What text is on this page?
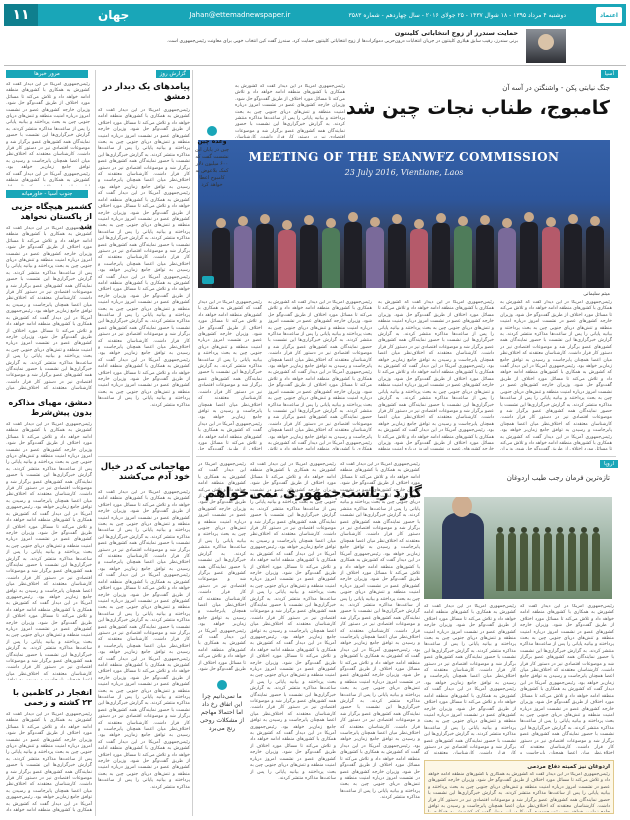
١١	جهان	Jahan@ettemadnewspaper.ir	دوشنبه ۴ مرداد ۱۳۹۵ - ۱۸ شوال ۱۴۳۷ - ۲۵ جولای ۲۰۱۶ - سال چهاردهم - شماره ۳۵۸۳	اعتماد
حمایت سندرز از زوج انتخاباتی کلینتون
برنی سندرز، رقیب سابق هیلاری کلینتون در جریان انتخابات درون‌حزبی دموکرات‌ها از زوج انتخاباتی کلینتون حمایت کرد. سندرز گفت کین انتخاب خوبی برای معاونت رئیس‌جمهوری است.
آسیا
جنگ نیابتی پکن - واشنگتن در آسه آن
کامبوج، طناب نجات چین شد
MEETING OF THE SEANWFZ COMMISSION
23 July 2016, Vientiane, Laos
میثم سلیمانی
رئیس‌جمهوری آمریکا در این دیدار گفت که کشورش به همکاری با کشورهای منطقه ادامه خواهد داد و تلاش می‌کند تا مسائل مورد اختلاف از طریق گفت‌وگو حل شود. وزیران خارجه کشورهای عضو در نشست امروز درباره امنیت منطقه و تنش‌های دریای جنوبی چین به بحث پرداختند و بیانیه پایانی را پس از ساعت‌ها مذاکره منتشر کردند. به گزارش خبرگزاری‌ها این نشست با حضور نمایندگان همه کشورهای عضو برگزار شد و موضوعات اقتصادی نیز در دستور کار قرار داشت. کارشناسان معتقدند که اختلاف‌نظر میان اعضا همچنان پابرجاست و رسیدن به توافق جامع زمان‌بر خواهد بود. رئیس‌جمهوری آمریکا در این دیدار گفت که کشورش به همکاری با کشورهای منطقه ادامه خواهد داد و تلاش می‌کند تا مسائل مورد اختلاف از طریق گفت‌وگو حل شود. وزیران خارجه کشورهای عضو در نشست امروز درباره امنیت منطقه و تنش‌های دریای جنوبی چین به بحث پرداختند و بیانیه پایانی را پس از ساعت‌ها مذاکره منتشر کردند. به گزارش خبرگزاری‌ها این نشست با حضور نمایندگان همه کشورهای عضو برگزار شد و موضوعات اقتصادی نیز در دستور کار قرار داشت. کارشناسان معتقدند که اختلاف‌نظر میان اعضا همچنان پابرجاست و رسیدن به توافق جامع زمان‌بر خواهد بود. رئیس‌جمهوری آمریکا در این دیدار گفت که کشورش به همکاری با کشورهای منطقه ادامه خواهد داد و تلاش می‌کند تا مسائل مورد اختلاف از طریق گفت‌وگو حل شود. وزیران خارجه کشورهای عضو در نشست امروز درباره امنیت منطقه و تنش‌های دریای جنوبی چین به بحث پرداختند و بیانیه پایانی را پس از ساعت‌ها مذاکره منتشر کردند. به گزارش خبرگزاری‌ها این نشست با حضور نمایندگان همه کشورهای عضو برگزار شد و موضوعات اقتصادی نیز در دستور کار قرار داشت. کارشناسان معتقدند که اختلاف‌نظر میان اعضا همچنان پابرجاست و رسیدن به توافق جامع زمان‌بر خواهد بود. رئیس‌جمهوری آمریکا در این دیدار گفت که کشورش به همکاری با کشورهای منطقه ادامه خواهد داد و تلاش می‌کند تا مسائل مورد اختلاف از طریق گفت‌وگو حل شود. وزیران خارجه کشورهای عضو در نشست امروز درباره امنیت منطقه و تنش‌های دریای جنوبی چین به بحث پرداختند و بیانیه پایانی را پس از ساعت‌ها مذاکره منتشر کردند.
رئیس‌جمهوری آمریکا در این دیدار گفت که کشورش به همکاری با کشورهای منطقه ادامه خواهد داد و تلاش می‌کند تا مسائل مورد اختلاف از طریق گفت‌وگو حل شود. وزیران خارجه کشورهای عضو در نشست امروز درباره امنیت منطقه و تنش‌های دریای جنوبی چین به بحث پرداختند و بیانیه پایانی را پس از ساعت‌ها مذاکره منتشر کردند. به گزارش خبرگزاری‌ها این نشست با حضور نمایندگان همه کشورهای عضو برگزار شد و موضوعات اقتصادی نیز در دستور کار قرار داشت. کارشناسان معتقدند که اختلاف‌نظر میان اعضا همچنان پابرجاست و رسیدن به توافق جامع زمان‌بر خواهد بود. رئیس‌جمهوری آمریکا در این دیدار گفت که کشورش به همکاری با کشورهای منطقه ادامه خواهد داد و تلاش می‌کند تا مسائل مورد اختلاف از طریق گفت‌وگو حل شود. وزیران خارجه کشورهای عضو در نشست امروز درباره امنیت منطقه و تنش‌های دریای جنوبی چین به بحث پرداختند و بیانیه پایانی را پس از ساعت‌ها مذاکره منتشر کردند. به گزارش خبرگزاری‌ها این نشست با حضور نمایندگان همه کشورهای عضو برگزار شد و موضوعات اقتصادی نیز در دستور کار قرار داشت. کارشناسان معتقدند که اختلاف‌نظر میان اعضا همچنان پابرجاست و رسیدن به توافق جامع زمان‌بر خواهد بود. رئیس‌جمهوری آمریکا در این دیدار گفت که کشورش به همکاری با کشورهای منطقه ادامه خواهد داد و تلاش می‌کند تا مسائل مورد اختلاف از طریق گفت‌وگو حل شود. وزیران خارجه کشورهای عضو در نشست امروز درباره امنیت منطقه و تنش‌های دریای جنوبی چین به بحث پرداختند و بیانیه پایانی را پس از ساعت‌ها مذاکره منتشر کردند. به گزارش خبرگزاری‌ها این نشست با حضور نمایندگان همه کشورهای عضو برگزار شد و موضوعات اقتصادی نیز در دستور کار قرار داشت. کارشناسان معتقدند که اختلاف‌نظر میان اعضا همچنان پابرجاست و رسیدن به توافق جامع زمان‌بر خواهد بود. رئیس‌جمهوری آمریکا در این دیدار گفت که کشورش به همکاری با کشورهای منطقه ادامه خواهد داد و تلاش می‌کند تا مسائل مورد اختلاف از طریق گفت‌وگو حل شود. وزیران خارجه کشورهای عضو در نشست امروز درباره امنیت منطقه و تنش‌های دریای جنوبی چین به بحث پرداختند و بیانیه پایانی را پس از ساعت‌ها مذاکره منتشر کردند.
رئیس‌جمهوری آمریکا در این دیدار گفت که کشورش به همکاری با کشورهای منطقه ادامه خواهد داد و تلاش می‌کند تا مسائل مورد اختلاف از طریق گفت‌وگو حل شود. وزیران خارجه کشورهای عضو در نشست امروز درباره امنیت منطقه و تنش‌های دریای جنوبی چین به بحث پرداختند و بیانیه پایانی را پس از ساعت‌ها مذاکره منتشر کردند. به گزارش خبرگزاری‌ها این نشست با حضور نمایندگان همه کشورهای عضو برگزار شد و موضوعات اقتصادی نیز در دستور کار قرار داشت. کارشناسان معتقدند که اختلاف‌نظر میان اعضا همچنان پابرجاست و رسیدن به توافق جامع زمان‌بر خواهد بود. رئیس‌جمهوری آمریکا در این دیدار گفت که کشورش به همکاری با کشورهای منطقه ادامه خواهد داد و تلاش می‌کند تا مسائل مورد اختلاف از طریق گفت‌وگو حل شود. وزیران خارجه کشورهای عضو در نشست امروز درباره امنیت منطقه و تنش‌های دریای جنوبی چین به بحث پرداختند و بیانیه پایانی را پس از ساعت‌ها مذاکره منتشر کردند. به گزارش خبرگزاری‌ها این نشست با حضور نمایندگان همه کشورهای عضو برگزار شد و موضوعات اقتصادی نیز در دستور کار قرار داشت. کارشناسان معتقدند که اختلاف‌نظر میان اعضا همچنان پابرجاست و رسیدن به توافق جامع زمان‌بر خواهد بود. رئیس‌جمهوری آمریکا در این دیدار گفت که کشورش به همکاری با کشورهای منطقه ادامه خواهد داد و تلاش می‌کند تا مسائل مورد اختلاف از طریق گفت‌وگو حل شود. وزیران خارجه کشورهای عضو در نشست امروز درباره امنیت منطقه و تنش‌های دریای جنوبی چین به بحث پرداختند و بیانیه پایانی را پس از ساعت‌ها مذاکره منتشر کردند. به گزارش خبرگزاری‌ها این نشست با حضور نمایندگان همه کشورهای عضو برگزار شد و موضوعات اقتصادی نیز در دستور کار قرار داشت. کارشناسان معتقدند که اختلاف‌نظر میان اعضا همچنان پابرجاست و رسیدن به توافق جامع زمان‌بر خواهد بود. رئیس‌جمهوری آمریکا در این دیدار گفت که کشورش به همکاری با کشورهای منطقه ادامه خواهد داد و تلاش می‌کند تا مسائل مورد اختلاف از طریق گفت‌وگو حل شود. وزیران خارجه کشورهای عضو در نشست امروز درباره امنیت منطقه و تنش‌های دریای جنوبی چین به بحث پرداختند و بیانیه پایانی را پس از ساعت‌ها مذاکره منتشر کردند.
رئیس‌جمهوری آمریکا در این دیدار گفت که کشورش به همکاری با کشورهای منطقه ادامه خواهد داد و تلاش می‌کند تا مسائل مورد اختلاف از طریق گفت‌وگو حل شود. وزیران خارجه کشورهای عضو در نشست امروز درباره امنیت منطقه و تنش‌های دریای جنوبی چین به بحث پرداختند و بیانیه پایانی را پس از ساعت‌ها مذاکره منتشر کردند. به گزارش خبرگزاری‌ها این نشست با حضور نمایندگان همه کشورهای عضو برگزار شد و موضوعات اقتصادی نیز در دستور کار قرار داشت. کارشناسان معتقدند که اختلاف‌نظر میان اعضا همچنان پابرجاست و رسیدن به توافق جامع زمان‌بر خواهد بود. رئیس‌جمهوری آمریکا در این دیدار گفت که کشورش به همکاری با کشورهای منطقه ادامه خواهد داد و تلاش می‌کند تا مسائل مورد اختلاف از طریق گفت‌وگو حل شود. وزیران خارجه کشورهای عضو در نشست امروز درباره امنیت منطقه و تنش‌های دریای جنوبی چین به بحث پرداختند و بیانیه پایانی را پس از ساعت‌ها مذاکره منتشر کردند. به گزارش خبرگزاری‌ها این نشست با حضور نمایندگان همه کشورهای عضو برگزار شد و موضوعات اقتصادی نیز در دستور کار قرار داشت. کارشناسان معتقدند که اختلاف‌نظر میان اعضا همچنان پابرجاست و رسیدن به توافق جامع زمان‌بر خواهد بود. رئیس‌جمهوری آمریکا در این دیدار گفت که کشورش به همکاری با کشورهای منطقه ادامه خواهد داد و تلاش می‌کند تا مسائل مورد اختلاف از طریق گفت‌وگو حل شود. وزیران خارجه کشورهای عضو در نشست امروز درباره امنیت منطقه و تنش‌های دریای جنوبی چین به بحث پرداختند و بیانیه پایانی را پس از ساعت‌ها مذاکره منتشر کردند. به گزارش خبرگزاری‌ها این نشست با حضور نمایندگان همه کشورهای عضو برگزار شد و موضوعات اقتصادی نیز در دستور کار قرار داشت. کارشناسان معتقدند که اختلاف‌نظر میان اعضا همچنان پابرجاست و رسیدن به توافق جامع زمان‌بر خواهد بود. رئیس‌جمهوری آمریکا در این دیدار گفت که کشورش به همکاری با کشورهای منطقه ادامه خواهد داد و تلاش می‌کند تا مسائل مورد اختلاف از طریق گفت‌وگو حل شود. وزیران خارجه کشورهای عضو در نشست امروز درباره امنیت منطقه و تنش‌های دریای جنوبی چین به بحث پرداختند و بیانیه پایانی را پس از ساعت‌ها مذاکره منتشر کردند.
رئیس‌جمهوری آمریکا در این دیدار گفت که کشورش به همکاری با کشورهای منطقه ادامه خواهد داد و تلاش می‌کند تا مسائل مورد اختلاف از طریق گفت‌وگو حل شود. وزیران خارجه کشورهای عضو در نشست امروز درباره امنیت منطقه و تنش‌های دریای جنوبی چین به بحث پرداختند و بیانیه پایانی را پس از ساعت‌ها مذاکره منتشر کردند. به گزارش خبرگزاری‌ها این نشست با حضور نمایندگان همه کشورهای عضو برگزار شد و موضوعات اقتصادی نیز در دستور کار قرار داشت. کارشناسان معتقدند که اختلاف‌نظر میان اعضا همچنان پابرجاست و رسیدن به توافق جامع زمان‌بر خواهد بود. رئیس‌جمهوری آمریکا در این دیدار گفت که کشورش به همکاری با کشورهای منطقه ادامه خواهد داد و تلاش می‌کند تا مسائل مورد اختلاف از طریق گفت‌وگو حل شود. وزیران خارجه کشورهای عضو در نشست امروز درباره امنیت منطقه و تنش‌های دریای جنوبی چین به بحث پرداختند و بیانیه پایانی را پس از ساعت‌ها مذاکره منتشر کردند. به گزارش خبرگزاری‌ها این نشست با حضور نمایندگان همه کشورهای عضو برگزار شد و موضوعات اقتصادی نیز در دستور کار قرار داشت. کارشناسان معتقدند که اختلاف‌نظر میان اعضا همچنان پابرجاست و رسیدن به توافق جامع زمان‌بر خواهد بود. رئیس‌جمهوری آمریکا در این دیدار گفت که کشورش به همکاری با کشورهای منطقه ادامه خواهد داد و تلاش می‌کند تا مسائل مورد اختلاف از طریق گفت‌وگو حل شود. وزیران خارجه کشورهای عضو در نشست امروز درباره امنیت منطقه و تنش‌های دریای جنوبی چین به بحث پرداختند و بیانیه پایانی را پس از ساعت‌ها مذاکره منتشر کردند. به گزارش خبرگزاری‌ها این نشست با حضور نمایندگان همه کشورهای عضو برگزار شد و موضوعات اقتصادی نیز در دستور کار قرار داشت. کارشناسان معتقدند که اختلاف‌نظر میان اعضا همچنان پابرجاست و رسیدن به توافق جامع زمان‌بر خواهد بود. رئیس‌جمهوری آمریکا در این دیدار گفت که کشورش به همکاری با کشورهای منطقه ادامه خواهد داد و تلاش می‌کند تا مسائل مورد اختلاف از طریق گفت‌وگو حل شود. وزیران خارجه کشورهای عضو در نشست امروز درباره امنیت منطقه و تنش‌های دریای جنوبی چین به بحث پرداختند و بیانیه پایانی را پس از ساعت‌ها مذاکره منتشر کردند.
وعده چین
چین در پایان این نشست گفت که ۶۰۰ میلیون دلار کمک بلاعوض به کامبوج اعطا خواهد کرد
گزارش روز
پیامدهای یک دیدار در دمشق
رئیس‌جمهوری آمریکا در این دیدار گفت که کشورش به همکاری با کشورهای منطقه ادامه خواهد داد و تلاش می‌کند تا مسائل مورد اختلاف از طریق گفت‌وگو حل شود. وزیران خارجه کشورهای عضو در نشست امروز درباره امنیت منطقه و تنش‌های دریای جنوبی چین به بحث پرداختند و بیانیه پایانی را پس از ساعت‌ها مذاکره منتشر کردند. به گزارش خبرگزاری‌ها این نشست با حضور نمایندگان همه کشورهای عضو برگزار شد و موضوعات اقتصادی نیز در دستور کار قرار داشت. کارشناسان معتقدند که اختلاف‌نظر میان اعضا همچنان پابرجاست و رسیدن به توافق جامع زمان‌بر خواهد بود. رئیس‌جمهوری آمریکا در این دیدار گفت که کشورش به همکاری با کشورهای منطقه ادامه خواهد داد و تلاش می‌کند تا مسائل مورد اختلاف از طریق گفت‌وگو حل شود. وزیران خارجه کشورهای عضو در نشست امروز درباره امنیت منطقه و تنش‌های دریای جنوبی چین به بحث پرداختند و بیانیه پایانی را پس از ساعت‌ها مذاکره منتشر کردند. به گزارش خبرگزاری‌ها این نشست با حضور نمایندگان همه کشورهای عضو برگزار شد و موضوعات اقتصادی نیز در دستور کار قرار داشت. کارشناسان معتقدند که اختلاف‌نظر میان اعضا همچنان پابرجاست و رسیدن به توافق جامع زمان‌بر خواهد بود. رئیس‌جمهوری آمریکا در این دیدار گفت که کشورش به همکاری با کشورهای منطقه ادامه خواهد داد و تلاش می‌کند تا مسائل مورد اختلاف از طریق گفت‌وگو حل شود. وزیران خارجه کشورهای عضو در نشست امروز درباره امنیت منطقه و تنش‌های دریای جنوبی چین به بحث پرداختند و بیانیه پایانی را پس از ساعت‌ها مذاکره منتشر کردند. به گزارش خبرگزاری‌ها این نشست با حضور نمایندگان همه کشورهای عضو برگزار شد و موضوعات اقتصادی نیز در دستور کار قرار داشت. کارشناسان معتقدند که اختلاف‌نظر میان اعضا همچنان پابرجاست و رسیدن به توافق جامع زمان‌بر خواهد بود. رئیس‌جمهوری آمریکا در این دیدار گفت که کشورش به همکاری با کشورهای منطقه ادامه خواهد داد و تلاش می‌کند تا مسائل مورد اختلاف از طریق گفت‌وگو حل شود. وزیران خارجه کشورهای عضو در نشست امروز درباره امنیت منطقه و تنش‌های دریای جنوبی چین به بحث پرداختند و بیانیه پایانی را پس از ساعت‌ها مذاکره منتشر کردند.
مرور خبرها
رئیس‌جمهوری آمریکا در این دیدار گفت که کشورش به همکاری با کشورهای منطقه ادامه خواهد داد و تلاش می‌کند تا مسائل مورد اختلاف از طریق گفت‌وگو حل شود. وزیران خارجه کشورهای عضو در نشست امروز درباره امنیت منطقه و تنش‌های دریای جنوبی چین به بحث پرداختند و بیانیه پایانی را پس از ساعت‌ها مذاکره منتشر کردند. به گزارش خبرگزاری‌ها این نشست با حضور نمایندگان همه کشورهای عضو برگزار شد و موضوعات اقتصادی نیز در دستور کار قرار داشت. کارشناسان معتقدند که اختلاف‌نظر میان اعضا همچنان پابرجاست و رسیدن به توافق جامع زمان‌بر خواهد بود. رئیس‌جمهوری آمریکا در این دیدار گفت که کشورش به همکاری با کشورهای منطقه ادامه خواهد داد و تلاش می‌کند تا مسائل مورد اختلاف از طریق گفت‌وگو حل شود. وزیران خارجه کشورهای عضو در نشست امروز درباره امنیت منطقه و تنش‌های دریای جنوبی چین به بحث پرداختند و بیانیه پایانی را پس از ساعت‌ها مذاکره منتشر کردند. به گزارش خبرگزاری‌ها این نشست با حضور نمایندگان همه کشورهای عضو برگزار شد و موضوعات اقتصادی نیز در دستور کار قرار داشت. کارشناسان معتقدند که اختلاف‌نظر میان اعضا همچنان پابرجاست و رسیدن به توافق جامع زمان‌بر خواهد بود. رئیس‌جمهوری آمریکا در این دیدار گفت که کشورش به همکاری با کشورهای منطقه ادامه خواهد داد و تلاش می‌کند تا مسائل مورد اختلاف از طریق گفت‌وگو حل شود. وزیران خارجه کشورهای عضو در نشست امروز درباره امنیت منطقه و تنش‌های دریای جنوبی چین به بحث پرداختند و بیانیه پایانی را پس از ساعت‌ها مذاکره منتشر کردند. به گزارش خبرگزاری‌ها این نشست با حضور نمایندگان همه کشورهای عضو برگزار شد و موضوعات اقتصادی نیز در دستور کار قرار داشت. کارشناسان معتقدند که اختلاف‌نظر میان اعضا همچنان پابرجاست و رسیدن به توافق جامع زمان‌بر خواهد بود. رئیس‌جمهوری آمریکا در این دیدار گفت که کشورش به همکاری با کشورهای منطقه ادامه خواهد داد و تلاش می‌کند تا مسائل مورد اختلاف از طریق گفت‌وگو حل شود. وزیران خارجه کشورهای عضو در نشست امروز درباره امنیت منطقه و تنش‌های دریای جنوبی چین به بحث پرداختند و بیانیه پایانی را پس از ساعت‌ها مذاکره منتشر کردند.
جنوب آسیا - خاورمیانه
کشمیر هیچگاه جزیی از پاکستان نخواهد شد
رئیس‌جمهوری آمریکا در این دیدار گفت که کشورش به همکاری با کشورهای منطقه ادامه خواهد داد و تلاش می‌کند تا مسائل مورد اختلاف از طریق گفت‌وگو حل شود. وزیران خارجه کشورهای عضو در نشست امروز درباره امنیت منطقه و تنش‌های دریای جنوبی چین به بحث پرداختند و بیانیه پایانی را پس از ساعت‌ها مذاکره منتشر کردند. به گزارش خبرگزاری‌ها این نشست با حضور نمایندگان همه کشورهای عضو برگزار شد و موضوعات اقتصادی نیز در دستور کار قرار داشت. کارشناسان معتقدند که اختلاف‌نظر میان اعضا همچنان پابرجاست و رسیدن به توافق جامع زمان‌بر خواهد بود. رئیس‌جمهوری آمریکا در این دیدار گفت که کشورش به همکاری با کشورهای منطقه ادامه خواهد داد و تلاش می‌کند تا مسائل مورد اختلاف از طریق گفت‌وگو حل شود. وزیران خارجه کشورهای عضو در نشست امروز درباره امنیت منطقه و تنش‌های دریای جنوبی چین به بحث پرداختند و بیانیه پایانی را پس از ساعت‌ها مذاکره منتشر کردند. به گزارش خبرگزاری‌ها این نشست با حضور نمایندگان همه کشورهای عضو برگزار شد و موضوعات اقتصادی نیز در دستور کار قرار داشت. کارشناسان معتقدند که اختلاف‌نظر میان اعضا همچنان پابرجاست و رسیدن به توافق جامع زمان‌بر خواهد بود. رئیس‌جمهوری آمریکا در این دیدار گفت که کشورش به همکاری با کشورهای منطقه ادامه خواهد داد و تلاش می‌کند تا مسائل مورد اختلاف از طریق گفت‌وگو حل شود. وزیران خارجه کشورهای عضو در نشست امروز درباره امنیت منطقه و تنش‌های دریای جنوبی چین به بحث پرداختند و بیانیه پایانی را پس از ساعت‌ها مذاکره منتشر کردند. به گزارش خبرگزاری‌ها این نشست با حضور نمایندگان همه کشورهای عضو برگزار شد و موضوعات اقتصادی نیز در دستور کار قرار داشت. کارشناسان معتقدند که اختلاف‌نظر میان اعضا همچنان پابرجاست و رسیدن به توافق جامع زمان‌بر خواهد بود. رئیس‌جمهوری آمریکا در این دیدار گفت که کشورش به همکاری با کشورهای منطقه ادامه خواهد داد و تلاش می‌کند تا مسائل مورد اختلاف از طریق گفت‌وگو حل شود. وزیران خارجه کشورهای عضو در نشست امروز درباره امنیت منطقه و تنش‌های دریای جنوبی چین به بحث پرداختند و بیانیه پایانی را پس از ساعت‌ها مذاکره منتشر کردند.
دمشق، مهیای مذاکره بدون پیش‌شرط
رئیس‌جمهوری آمریکا در این دیدار گفت که کشورش به همکاری با کشورهای منطقه ادامه خواهد داد و تلاش می‌کند تا مسائل مورد اختلاف از طریق گفت‌وگو حل شود. وزیران خارجه کشورهای عضو در نشست امروز درباره امنیت منطقه و تنش‌های دریای جنوبی چین به بحث پرداختند و بیانیه پایانی را پس از ساعت‌ها مذاکره منتشر کردند. به گزارش خبرگزاری‌ها این نشست با حضور نمایندگان همه کشورهای عضو برگزار شد و موضوعات اقتصادی نیز در دستور کار قرار داشت. کارشناسان معتقدند که اختلاف‌نظر میان اعضا همچنان پابرجاست و رسیدن به توافق جامع زمان‌بر خواهد بود. رئیس‌جمهوری آمریکا در این دیدار گفت که کشورش به همکاری با کشورهای منطقه ادامه خواهد داد و تلاش می‌کند تا مسائل مورد اختلاف از طریق گفت‌وگو حل شود. وزیران خارجه کشورهای عضو در نشست امروز درباره امنیت منطقه و تنش‌های دریای جنوبی چین به بحث پرداختند و بیانیه پایانی را پس از ساعت‌ها مذاکره منتشر کردند. به گزارش خبرگزاری‌ها این نشست با حضور نمایندگان همه کشورهای عضو برگزار شد و موضوعات اقتصادی نیز در دستور کار قرار داشت. کارشناسان معتقدند که اختلاف‌نظر میان اعضا همچنان پابرجاست و رسیدن به توافق جامع زمان‌بر خواهد بود. رئیس‌جمهوری آمریکا در این دیدار گفت که کشورش به همکاری با کشورهای منطقه ادامه خواهد داد و تلاش می‌کند تا مسائل مورد اختلاف از طریق گفت‌وگو حل شود. وزیران خارجه کشورهای عضو در نشست امروز درباره امنیت منطقه و تنش‌های دریای جنوبی چین به بحث پرداختند و بیانیه پایانی را پس از ساعت‌ها مذاکره منتشر کردند. به گزارش خبرگزاری‌ها این نشست با حضور نمایندگان همه کشورهای عضو برگزار شد و موضوعات اقتصادی نیز در دستور کار قرار داشت. کارشناسان معتقدند که اختلاف‌نظر میان اعضا همچنان پابرجاست و رسیدن به توافق جامع زمان‌بر خواهد بود. رئیس‌جمهوری آمریکا در این دیدار گفت که کشورش به همکاری با کشورهای منطقه ادامه خواهد داد و تلاش می‌کند تا مسائل مورد اختلاف از طریق گفت‌وگو حل شود. وزیران خارجه کشورهای عضو در نشست امروز درباره امنیت منطقه و تنش‌های دریای جنوبی چین به بحث پرداختند و بیانیه پایانی را پس از ساعت‌ها مذاکره منتشر کردند.
انفجار در کاظمین با ۲۳ کشته و زخمی
رئیس‌جمهوری آمریکا در این دیدار گفت که کشورش به همکاری با کشورهای منطقه ادامه خواهد داد و تلاش می‌کند تا مسائل مورد اختلاف از طریق گفت‌وگو حل شود. وزیران خارجه کشورهای عضو در نشست امروز درباره امنیت منطقه و تنش‌های دریای جنوبی چین به بحث پرداختند و بیانیه پایانی را پس از ساعت‌ها مذاکره منتشر کردند. به گزارش خبرگزاری‌ها این نشست با حضور نمایندگان همه کشورهای عضو برگزار شد و موضوعات اقتصادی نیز در دستور کار قرار داشت. کارشناسان معتقدند که اختلاف‌نظر میان اعضا همچنان پابرجاست و رسیدن به توافق جامع زمان‌بر خواهد بود. رئیس‌جمهوری آمریکا در این دیدار گفت که کشورش به همکاری با کشورهای منطقه ادامه خواهد داد و تلاش می‌کند تا مسائل مورد اختلاف از طریق گفت‌وگو حل شود. وزیران خارجه کشورهای عضو در نشست امروز درباره امنیت منطقه و تنش‌های دریای جنوبی چین به بحث پرداختند و بیانیه پایانی را پس از ساعت‌ها مذاکره منتشر کردند. به گزارش خبرگزاری‌ها این نشست با حضور نمایندگان همه کشورهای عضو برگزار شد و موضوعات اقتصادی نیز در دستور کار قرار داشت. کارشناسان معتقدند که اختلاف‌نظر میان اعضا همچنان پابرجاست و رسیدن به توافق جامع زمان‌بر خواهد بود. رئیس‌جمهوری آمریکا در این دیدار گفت که کشورش به همکاری با کشورهای منطقه ادامه خواهد داد و تلاش می‌کند تا مسائل مورد اختلاف از طریق گفت‌وگو حل شود. وزیران خارجه کشورهای عضو در نشست امروز درباره امنیت منطقه و تنش‌های دریای جنوبی چین به بحث پرداختند و بیانیه پایانی را پس از ساعت‌ها مذاکره منتشر کردند. به گزارش خبرگزاری‌ها این نشست با حضور نمایندگان همه کشورهای عضو برگزار شد و موضوعات اقتصادی نیز در دستور کار قرار داشت. کارشناسان معتقدند که اختلاف‌نظر میان اعضا همچنان پابرجاست و رسیدن به توافق جامع زمان‌بر خواهد بود. رئیس‌جمهوری آمریکا در این دیدار گفت که کشورش به همکاری با کشورهای منطقه ادامه خواهد داد و تلاش می‌کند تا مسائل مورد اختلاف از طریق گفت‌وگو حل شود. وزیران خارجه کشورهای عضو در نشست امروز درباره امنیت منطقه و تنش‌های دریای جنوبی چین به بحث پرداختند و بیانیه پایانی را پس از ساعت‌ها مذاکره منتشر کردند.
مهاجمانی که در خیال خود آدم می‌کشند
رئیس‌جمهوری آمریکا در این دیدار گفت که کشورش به همکاری با کشورهای منطقه ادامه خواهد داد و تلاش می‌کند تا مسائل مورد اختلاف از طریق گفت‌وگو حل شود. وزیران خارجه کشورهای عضو در نشست امروز درباره امنیت منطقه و تنش‌های دریای جنوبی چین به بحث پرداختند و بیانیه پایانی را پس از ساعت‌ها مذاکره منتشر کردند. به گزارش خبرگزاری‌ها این نشست با حضور نمایندگان همه کشورهای عضو برگزار شد و موضوعات اقتصادی نیز در دستور کار قرار داشت. کارشناسان معتقدند که اختلاف‌نظر میان اعضا همچنان پابرجاست و رسیدن به توافق جامع زمان‌بر خواهد بود. رئیس‌جمهوری آمریکا در این دیدار گفت که کشورش به همکاری با کشورهای منطقه ادامه خواهد داد و تلاش می‌کند تا مسائل مورد اختلاف از طریق گفت‌وگو حل شود. وزیران خارجه کشورهای عضو در نشست امروز درباره امنیت منطقه و تنش‌های دریای جنوبی چین به بحث پرداختند و بیانیه پایانی را پس از ساعت‌ها مذاکره منتشر کردند. به گزارش خبرگزاری‌ها این نشست با حضور نمایندگان همه کشورهای عضو برگزار شد و موضوعات اقتصادی نیز در دستور کار قرار داشت. کارشناسان معتقدند که اختلاف‌نظر میان اعضا همچنان پابرجاست و رسیدن به توافق جامع زمان‌بر خواهد بود. رئیس‌جمهوری آمریکا در این دیدار گفت که کشورش به همکاری با کشورهای منطقه ادامه خواهد داد و تلاش می‌کند تا مسائل مورد اختلاف از طریق گفت‌وگو حل شود. وزیران خارجه کشورهای عضو در نشست امروز درباره امنیت منطقه و تنش‌های دریای جنوبی چین به بحث پرداختند و بیانیه پایانی را پس از ساعت‌ها مذاکره منتشر کردند. به گزارش خبرگزاری‌ها این نشست با حضور نمایندگان همه کشورهای عضو برگزار شد و موضوعات اقتصادی نیز در دستور کار قرار داشت. کارشناسان معتقدند که اختلاف‌نظر میان اعضا همچنان پابرجاست و رسیدن به توافق جامع زمان‌بر خواهد بود. رئیس‌جمهوری آمریکا در این دیدار گفت که کشورش به همکاری با کشورهای منطقه ادامه خواهد داد و تلاش می‌کند تا مسائل مورد اختلاف از طریق گفت‌وگو حل شود. وزیران خارجه کشورهای عضو در نشست امروز درباره امنیت منطقه و تنش‌های دریای جنوبی چین به بحث پرداختند و بیانیه پایانی را پس از ساعت‌ها مذاکره منتشر کردند.
رئیس‌جمهوری آمریکا در این دیدار گفت که کشورش به همکاری با کشورهای منطقه ادامه خواهد داد و تلاش می‌کند تا مسائل مورد اختلاف از طریق گفت‌وگو حل شود. وزیران خارجه کشورهای عضو در نشست امروز درباره امنیت منطقه و تنش‌های دریای جنوبی چین به بحث پرداختند و بیانیه پایانی را پس از ساعت‌ها مذاکره منتشر کردند. به گزارش خبرگزاری‌ها این نشست با حضور نمایندگان همه کشورهای عضو برگزار شد و موضوعات اقتصادی نیز در دستور کار قرار داشت. کارشناسان معتقدند که اختلاف‌نظر میان اعضا همچنان پابرجاست و رسیدن به توافق جامع زمان‌بر خواهد بود. رئیس‌جمهوری آمریکا در این دیدار گفت که کشورش به همکاری با کشورهای منطقه ادامه خواهد داد و تلاش می‌کند تا مسائل مورد اختلاف از طریق گفت‌وگو حل شود. وزیران خارجه کشورهای عضو در نشست امروز درباره امنیت منطقه و تنش‌های دریای جنوبی چین به بحث پرداختند و بیانیه پایانی را پس از ساعت‌ها مذاکره منتشر کردند. به گزارش خبرگزاری‌ها این نشست با حضور نمایندگان همه کشورهای عضو برگزار شد و موضوعات اقتصادی نیز در دستور کار قرار داشت. کارشناسان معتقدند که اختلاف‌نظر میان اعضا همچنان پابرجاست و رسیدن به توافق جامع زمان‌بر خواهد بود. رئیس‌جمهوری آمریکا در این دیدار گفت که کشورش به همکاری با کشورهای منطقه ادامه خواهد داد و تلاش می‌کند تا مسائل مورد اختلاف از طریق گفت‌وگو حل شود. وزیران خارجه کشورهای عضو در نشست امروز درباره امنیت منطقه و تنش‌های دریای جنوبی چین به بحث پرداختند و بیانیه پایانی را پس از ساعت‌ها مذاکره منتشر کردند. به گزارش خبرگزاری‌ها این نشست با حضور نمایندگان همه کشورهای عضو برگزار شد و موضوعات اقتصادی نیز در دستور کار قرار داشت. کارشناسان معتقدند که اختلاف‌نظر میان اعضا همچنان پابرجاست و رسیدن به توافق جامع زمان‌بر خواهد بود. رئیس‌جمهوری آمریکا در این دیدار گفت که کشورش به همکاری با کشورهای منطقه ادامه خواهد داد و تلاش می‌کند تا مسائل مورد اختلاف از طریق گفت‌وگو حل شود. وزیران خارجه کشورهای عضو در نشست امروز درباره امنیت منطقه و تنش‌های دریای جنوبی چین به بحث پرداختند و بیانیه پایانی را پس از ساعت‌ها مذاکره منتشر کردند.
رئیس‌جمهوری آمریکا در این دیدار گفت که کشورش به همکاری با کشورهای منطقه ادامه خواهد داد و تلاش می‌کند تا مسائل مورد اختلاف از طریق گفت‌وگو حل شود. وزیران خارجه کشورهای عضو در نشست امروز درباره امنیت منطقه و تنش‌های دریای جنوبی چین به بحث پرداختند و بیانیه پایانی را پس از ساعت‌ها مذاکره منتشر کردند. به گزارش خبرگزاری‌ها این نشست با حضور نمایندگان همه کشورهای عضو برگزار شد و موضوعات اقتصادی نیز در دستور کار قرار داشت. کارشناسان معتقدند که اختلاف‌نظر میان اعضا همچنان پابرجاست و رسیدن به توافق جامع زمان‌بر خواهد بود. رئیس‌جمهوری آمریکا در این دیدار گفت که کشورش به همکاری با کشورهای منطقه ادامه خواهد داد و تلاش می‌کند تا مسائل مورد اختلاف از طریق گفت‌وگو حل شود. وزیران خارجه کشورهای عضو در نشست امروز درباره امنیت منطقه و تنش‌های دریای جنوبی چین به بحث پرداختند و بیانیه پایانی را پس از ساعت‌ها مذاکره منتشر کردند. به گزارش خبرگزاری‌ها این نشست با حضور نمایندگان همه کشورهای عضو برگزار شد و موضوعات اقتصادی نیز در دستور کار قرار داشت. کارشناسان معتقدند که اختلاف‌نظر میان اعضا همچنان پابرجاست و رسیدن به توافق جامع زمان‌بر خواهد بود. رئیس‌جمهوری آمریکا در این دیدار گفت که کشورش به همکاری با کشورهای منطقه ادامه خواهد داد و تلاش می‌کند تا مسائل مورد اختلاف از طریق گفت‌وگو حل شود. وزیران خارجه کشورهای عضو در نشست امروز درباره امنیت منطقه و تنش‌های دریای جنوبی چین به بحث پرداختند و بیانیه پایانی را پس از ساعت‌ها مذاکره منتشر کردند. به گزارش خبرگزاری‌ها این نشست با حضور نمایندگان همه کشورهای عضو برگزار شد و موضوعات اقتصادی نیز در دستور کار قرار داشت. کارشناسان معتقدند که اختلاف‌نظر میان اعضا همچنان پابرجاست و رسیدن به توافق جامع زمان‌بر خواهد بود. رئیس‌جمهوری آمریکا در این دیدار گفت که کشورش به همکاری با کشورهای منطقه ادامه خواهد داد و تلاش می‌کند تا مسائل مورد اختلاف از طریق گفت‌وگو حل شود. وزیران خارجه کشورهای عضو در نشست امروز درباره امنیت منطقه و تنش‌های دریای جنوبی چین به بحث پرداختند و بیانیه پایانی را پس از ساعت‌ها مذاکره منتشر کردند.
رئیس‌جمهوری آمریکا در این دیدار گفت که کشورش به همکاری با کشورهای منطقه ادامه خواهد داد و تلاش می‌کند تا مسائل مورد اختلاف از طریق گفت‌وگو حل شود. وزیران خارجه کشورهای عضو در نشست امروز درباره امنیت منطقه و تنش‌های دریای جنوبی چین به بحث پرداختند و بیانیه پایانی را پس از ساعت‌ها مذاکره منتشر کردند. به گزارش خبرگزاری‌ها این نشست با حضور نمایندگان همه کشورهای عضو برگزار شد و موضوعات اقتصادی نیز در دستور کار قرار داشت. کارشناسان معتقدند که اختلاف‌نظر میان اعضا همچنان پابرجاست و رسیدن به توافق جامع زمان‌بر خواهد بود. رئیس‌جمهوری آمریکا در این دیدار گفت که کشورش به همکاری با کشورهای منطقه ادامه خواهد داد و تلاش می‌کند تا مسائل مورد اختلاف از طریق گفت‌وگو حل شود. وزیران خارجه کشورهای عضو در نشست امروز درباره امنیت منطقه و تنش‌های دریای جنوبی چین به بحث پرداختند و بیانیه پایانی را پس از ساعت‌ها مذاکره منتشر کردند. به گزارش خبرگزاری‌ها این نشست با حضور نمایندگان همه کشورهای عضو برگزار شد و موضوعات اقتصادی نیز در دستور کار قرار داشت. کارشناسان معتقدند که اختلاف‌نظر میان اعضا همچنان پابرجاست و رسیدن به توافق جامع زمان‌بر خواهد بود. رئیس‌جمهوری آمریکا در این دیدار گفت که کشورش به همکاری با کشورهای منطقه ادامه خواهد داد و تلاش می‌کند تا مسائل مورد اختلاف از طریق گفت‌وگو حل شود. وزیران خارجه کشورهای عضو در نشست امروز درباره امنیت منطقه و تنش‌های دریای جنوبی چین به بحث پرداختند و بیانیه پایانی را پس از ساعت‌ها مذاکره منتشر کردند. به گزارش خبرگزاری‌ها این نشست با حضور نمایندگان همه کشورهای عضو برگزار شد و موضوعات اقتصادی نیز در دستور کار قرار داشت. کارشناسان معتقدند که اختلاف‌نظر میان اعضا همچنان پابرجاست و رسیدن به توافق جامع زمان‌بر خواهد بود. رئیس‌جمهوری آمریکا در این دیدار گفت که کشورش به همکاری با کشورهای منطقه ادامه خواهد داد و تلاش می‌کند تا مسائل مورد اختلاف از طریق گفت‌وگو حل شود. وزیران خارجه کشورهای عضو در نشست امروز درباره امنیت منطقه و تنش‌های دریای جنوبی چین به بحث پرداختند و بیانیه پایانی را پس از ساعت‌ها مذاکره منتشر کردند.
ما نمی‌دانیم چرا این اتفاق رخ داد اما احتمالا مهاجم از مشکلات روحی رنج می‌برد
اروپا
تازه‌ترین فرمان رجب طیب اردوغان
گارد ریاست‌جمهوری نمی‌خواهم
رئیس‌جمهوری آمریکا در این دیدار گفت که کشورش به همکاری با کشورهای منطقه ادامه خواهد داد و تلاش می‌کند تا مسائل مورد اختلاف از طریق گفت‌وگو حل شود. وزیران خارجه کشورهای عضو در نشست امروز درباره امنیت منطقه و تنش‌های دریای جنوبی چین به بحث پرداختند و بیانیه پایانی را پس از ساعت‌ها مذاکره منتشر کردند. به گزارش خبرگزاری‌ها این نشست با حضور نمایندگان همه کشورهای عضو برگزار شد و موضوعات اقتصادی نیز در دستور کار قرار داشت. کارشناسان معتقدند که اختلاف‌نظر میان اعضا همچنان پابرجاست و رسیدن به توافق جامع زمان‌بر خواهد بود. رئیس‌جمهوری آمریکا در این دیدار گفت که کشورش به همکاری با کشورهای منطقه ادامه خواهد داد و تلاش می‌کند تا مسائل مورد اختلاف از طریق گفت‌وگو حل شود. وزیران خارجه کشورهای عضو در نشست امروز درباره امنیت منطقه و تنش‌های دریای جنوبی چین به بحث پرداختند و بیانیه پایانی را پس از ساعت‌ها مذاکره منتشر کردند. به گزارش خبرگزاری‌ها این نشست با حضور نمایندگان همه کشورهای عضو برگزار شد و موضوعات اقتصادی نیز در دستور کار قرار داشت. کارشناسان معتقدند که اختلاف‌نظر میان اعضا همچنان پابرجاست و رسیدن به توافق جامع زمان‌بر خواهد بود. رئیس‌جمهوری آمریکا در این دیدار گفت که کشورش به همکاری با کشورهای منطقه ادامه خواهد داد و تلاش می‌کند تا مسائل مورد اختلاف از طریق گفت‌وگو حل شود. وزیران خارجه کشورهای عضو در نشست امروز درباره امنیت منطقه و تنش‌های دریای جنوبی چین به بحث پرداختند و بیانیه پایانی را پس از ساعت‌ها مذاکره منتشر کردند. به گزارش خبرگزاری‌ها این نشست با حضور نمایندگان همه کشورهای عضو برگزار شد و موضوعات اقتصادی نیز در دستور کار قرار داشت. کارشناسان معتقدند که اختلاف‌نظر میان اعضا همچنان پابرجاست و رسیدن به توافق جامع زمان‌بر خواهد بود. رئیس‌جمهوری آمریکا در این دیدار گفت که کشورش به همکاری با کشورهای منطقه ادامه خواهد داد و تلاش می‌کند تا مسائل مورد اختلاف از طریق گفت‌وگو حل شود. وزیران خارجه کشورهای عضو در نشست امروز درباره امنیت منطقه و تنش‌های دریای جنوبی چین به بحث پرداختند و بیانیه پایانی را پس از ساعت‌ها مذاکره منتشر کردند.
رئیس‌جمهوری آمریکا در این دیدار گفت که کشورش به همکاری با کشورهای منطقه ادامه خواهد داد و تلاش می‌کند تا مسائل مورد اختلاف از طریق گفت‌وگو حل شود. وزیران خارجه کشورهای عضو در نشست امروز درباره امنیت منطقه و تنش‌های دریای جنوبی چین به بحث پرداختند و بیانیه پایانی را پس از ساعت‌ها مذاکره منتشر کردند. به گزارش خبرگزاری‌ها این نشست با حضور نمایندگان همه کشورهای عضو برگزار شد و موضوعات اقتصادی نیز در دستور کار قرار داشت. کارشناسان معتقدند که اختلاف‌نظر میان اعضا همچنان پابرجاست و رسیدن به توافق جامع زمان‌بر خواهد بود. رئیس‌جمهوری آمریکا در این دیدار گفت که کشورش به همکاری با کشورهای منطقه ادامه خواهد داد و تلاش می‌کند تا مسائل مورد اختلاف از طریق گفت‌وگو حل شود. وزیران خارجه کشورهای عضو در نشست امروز درباره امنیت منطقه و تنش‌های دریای جنوبی چین به بحث پرداختند و بیانیه پایانی را پس از ساعت‌ها مذاکره منتشر کردند. به گزارش خبرگزاری‌ها این نشست با حضور نمایندگان همه کشورهای عضو برگزار شد و موضوعات اقتصادی نیز در دستور کار قرار داشت. کارشناسان معتقدند که اختلاف‌نظر میان اعضا همچنان پابرجاست و رسیدن به توافق جامع زمان‌بر خواهد بود. رئیس‌جمهوری آمریکا در این دیدار گفت که کشورش به همکاری با کشورهای منطقه ادامه خواهد داد و تلاش می‌کند تا مسائل مورد اختلاف از طریق گفت‌وگو حل شود. وزیران خارجه کشورهای عضو در نشست امروز درباره امنیت منطقه و تنش‌های دریای جنوبی چین به بحث پرداختند و بیانیه پایانی را پس از ساعت‌ها مذاکره منتشر کردند. به گزارش خبرگزاری‌ها این نشست با حضور نمایندگان همه کشورهای عضو برگزار شد و موضوعات اقتصادی نیز در دستور کار قرار داشت. کارشناسان معتقدند که اختلاف‌نظر میان اعضا همچنان پابرجاست و رسیدن به توافق جامع زمان‌بر خواهد بود. رئیس‌جمهوری آمریکا در این دیدار گفت که کشورش به همکاری با کشورهای منطقه ادامه خواهد داد و تلاش می‌کند تا مسائل مورد اختلاف از طریق گفت‌وگو حل شود. وزیران خارجه کشورهای عضو در نشست امروز درباره امنیت منطقه و تنش‌های دریای جنوبی چین به بحث پرداختند و بیانیه پایانی را پس از ساعت‌ها مذاکره منتشر کردند.
اردوغان نیز کمیته دفاع مردمی
رئیس‌جمهوری آمریکا در این دیدار گفت که کشورش به همکاری با کشورهای منطقه ادامه خواهد داد و تلاش می‌کند تا مسائل مورد اختلاف از طریق گفت‌وگو حل شود. وزیران خارجه کشورهای عضو در نشست امروز درباره امنیت منطقه و تنش‌های دریای جنوبی چین به بحث پرداختند و بیانیه پایانی را پس از ساعت‌ها مذاکره منتشر کردند. به گزارش خبرگزاری‌ها این نشست با حضور نمایندگان همه کشورهای عضو برگزار شد و موضوعات اقتصادی نیز در دستور کار قرار داشت. کارشناسان معتقدند که اختلاف‌نظر میان اعضا همچنان پابرجاست و رسیدن به توافق جامع زمان‌بر خواهد بود. رئیس‌جمهوری آمریکا در این دیدار گفت که کشورش به همکاری با کشورهای منطقه ادامه خواهد داد و تلاش می‌کند تا مسائل مورد اختلاف از طریق گفت‌وگو حل شود. وزیران خارجه کشورهای عضو در نشست امروز درباره امنیت منطقه و تنش‌های دریای جنوبی چین به بحث پرداختند و بیانیه پایانی را پس از ساعت‌ها مذاکره منتشر کردند. به گزارش خبرگزاری‌ها این نشست با حضور نمایندگان همه کشورهای عضو برگزار شد و موضوعات اقتصادی نیز در دستور کار قرار داشت. کارشناسان معتقدند که اختلاف‌نظر میان اعضا همچنان پابرجاست و رسیدن به توافق جامع زمان‌بر خواهد بود. رئیس‌جمهوری آمریکا در این دیدار گفت که کشورش به همکاری با کشورهای منطقه ادامه خواهد داد و تلاش می‌کند تا مسائل مورد اختلاف از طریق گفت‌وگو حل شود. وزیران خارجه کشورهای عضو در نشست امروز درباره امنیت منطقه و تنش‌های دریای جنوبی چین به بحث پرداختند و بیانیه پایانی را پس از ساعت‌ها مذاکره منتشر کردند. به گزارش خبرگزاری‌ها این نشست با حضور نمایندگان همه کشورهای عضو برگزار شد و موضوعات اقتصادی نیز در دستور کار قرار داشت. کارشناسان معتقدند که اختلاف‌نظر میان اعضا همچنان پابرجاست و رسیدن به توافق جامع زمان‌بر خواهد بود. رئیس‌جمهوری آمریکا در این دیدار گفت که کشورش به همکاری با کشورهای منطقه ادامه خواهد داد و تلاش می‌کند تا مسائل مورد اختلاف از طریق گفت‌وگو حل شود. وزیران خارجه کشورهای عضو در نشست امروز درباره امنیت منطقه و تنش‌های دریای جنوبی چین به بحث پرداختند و بیانیه پایانی را پس از ساعت‌ها مذاکره منتشر کردند.
